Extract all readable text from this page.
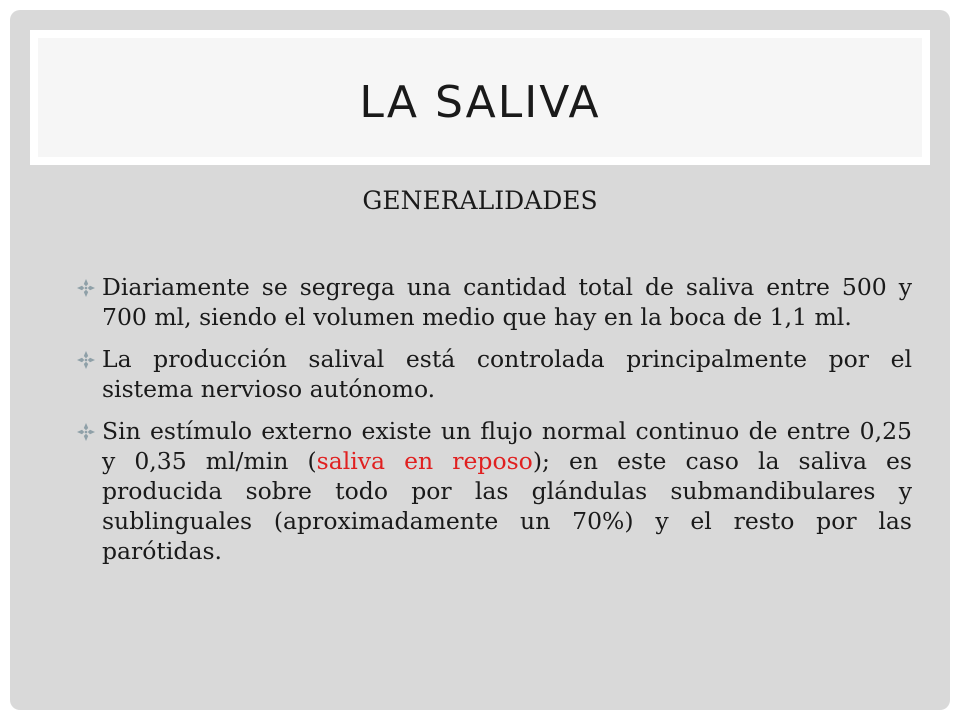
LA SALIVA
GENERALIDADES
Diariamente se segrega una cantidad total de saliva entre 500 y 700 ml, siendo el volumen medio que hay en la boca de 1,1 ml.
La producción salival está controlada principalmente por el sistema nervioso autónomo.
Sin estímulo externo existe un flujo normal continuo de entre 0,25 y 0,35 ml/min (saliva en reposo); en este caso la saliva es producida sobre todo por las glándulas submandibulares y sublinguales (aproximadamente un 70%) y el resto por las parótidas.
